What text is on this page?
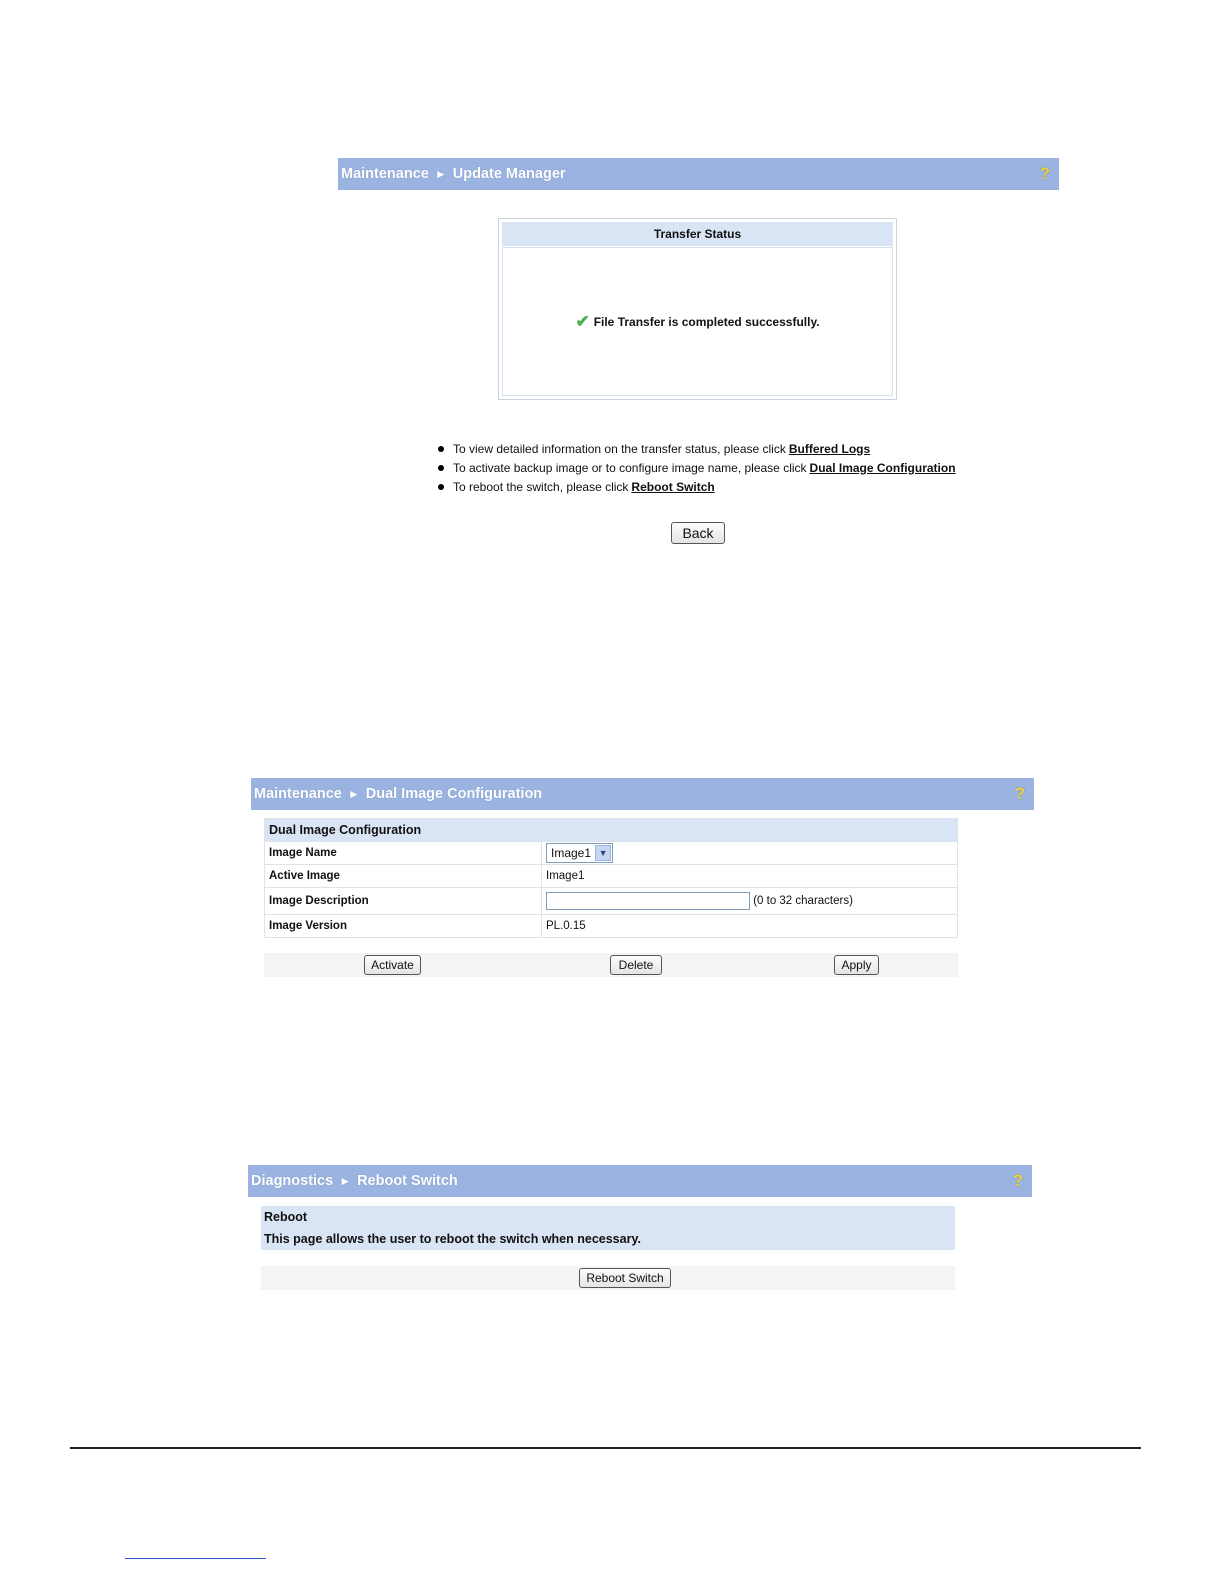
Maintenance ► Update Manager	?
Transfer Status
✔ File Transfer is completed successfully.
To view detailed information on the transfer status, please click Buffered Logs
To activate backup image or to configure image name, please click Dual Image Configuration
To reboot the switch, please click Reboot Switch
Back
Maintenance ► Dual Image Configuration	?
Dual Image Configuration	
Image Name	Image1 ▼

Active Image	Image1
Image Description	(0 to 32 characters)
Image Version	PL.0.15
Activate	Delete	Apply
Diagnostics ► Reboot Switch	?
Reboot
This page allows the user to reboot the switch when necessary.
Reboot Switch
